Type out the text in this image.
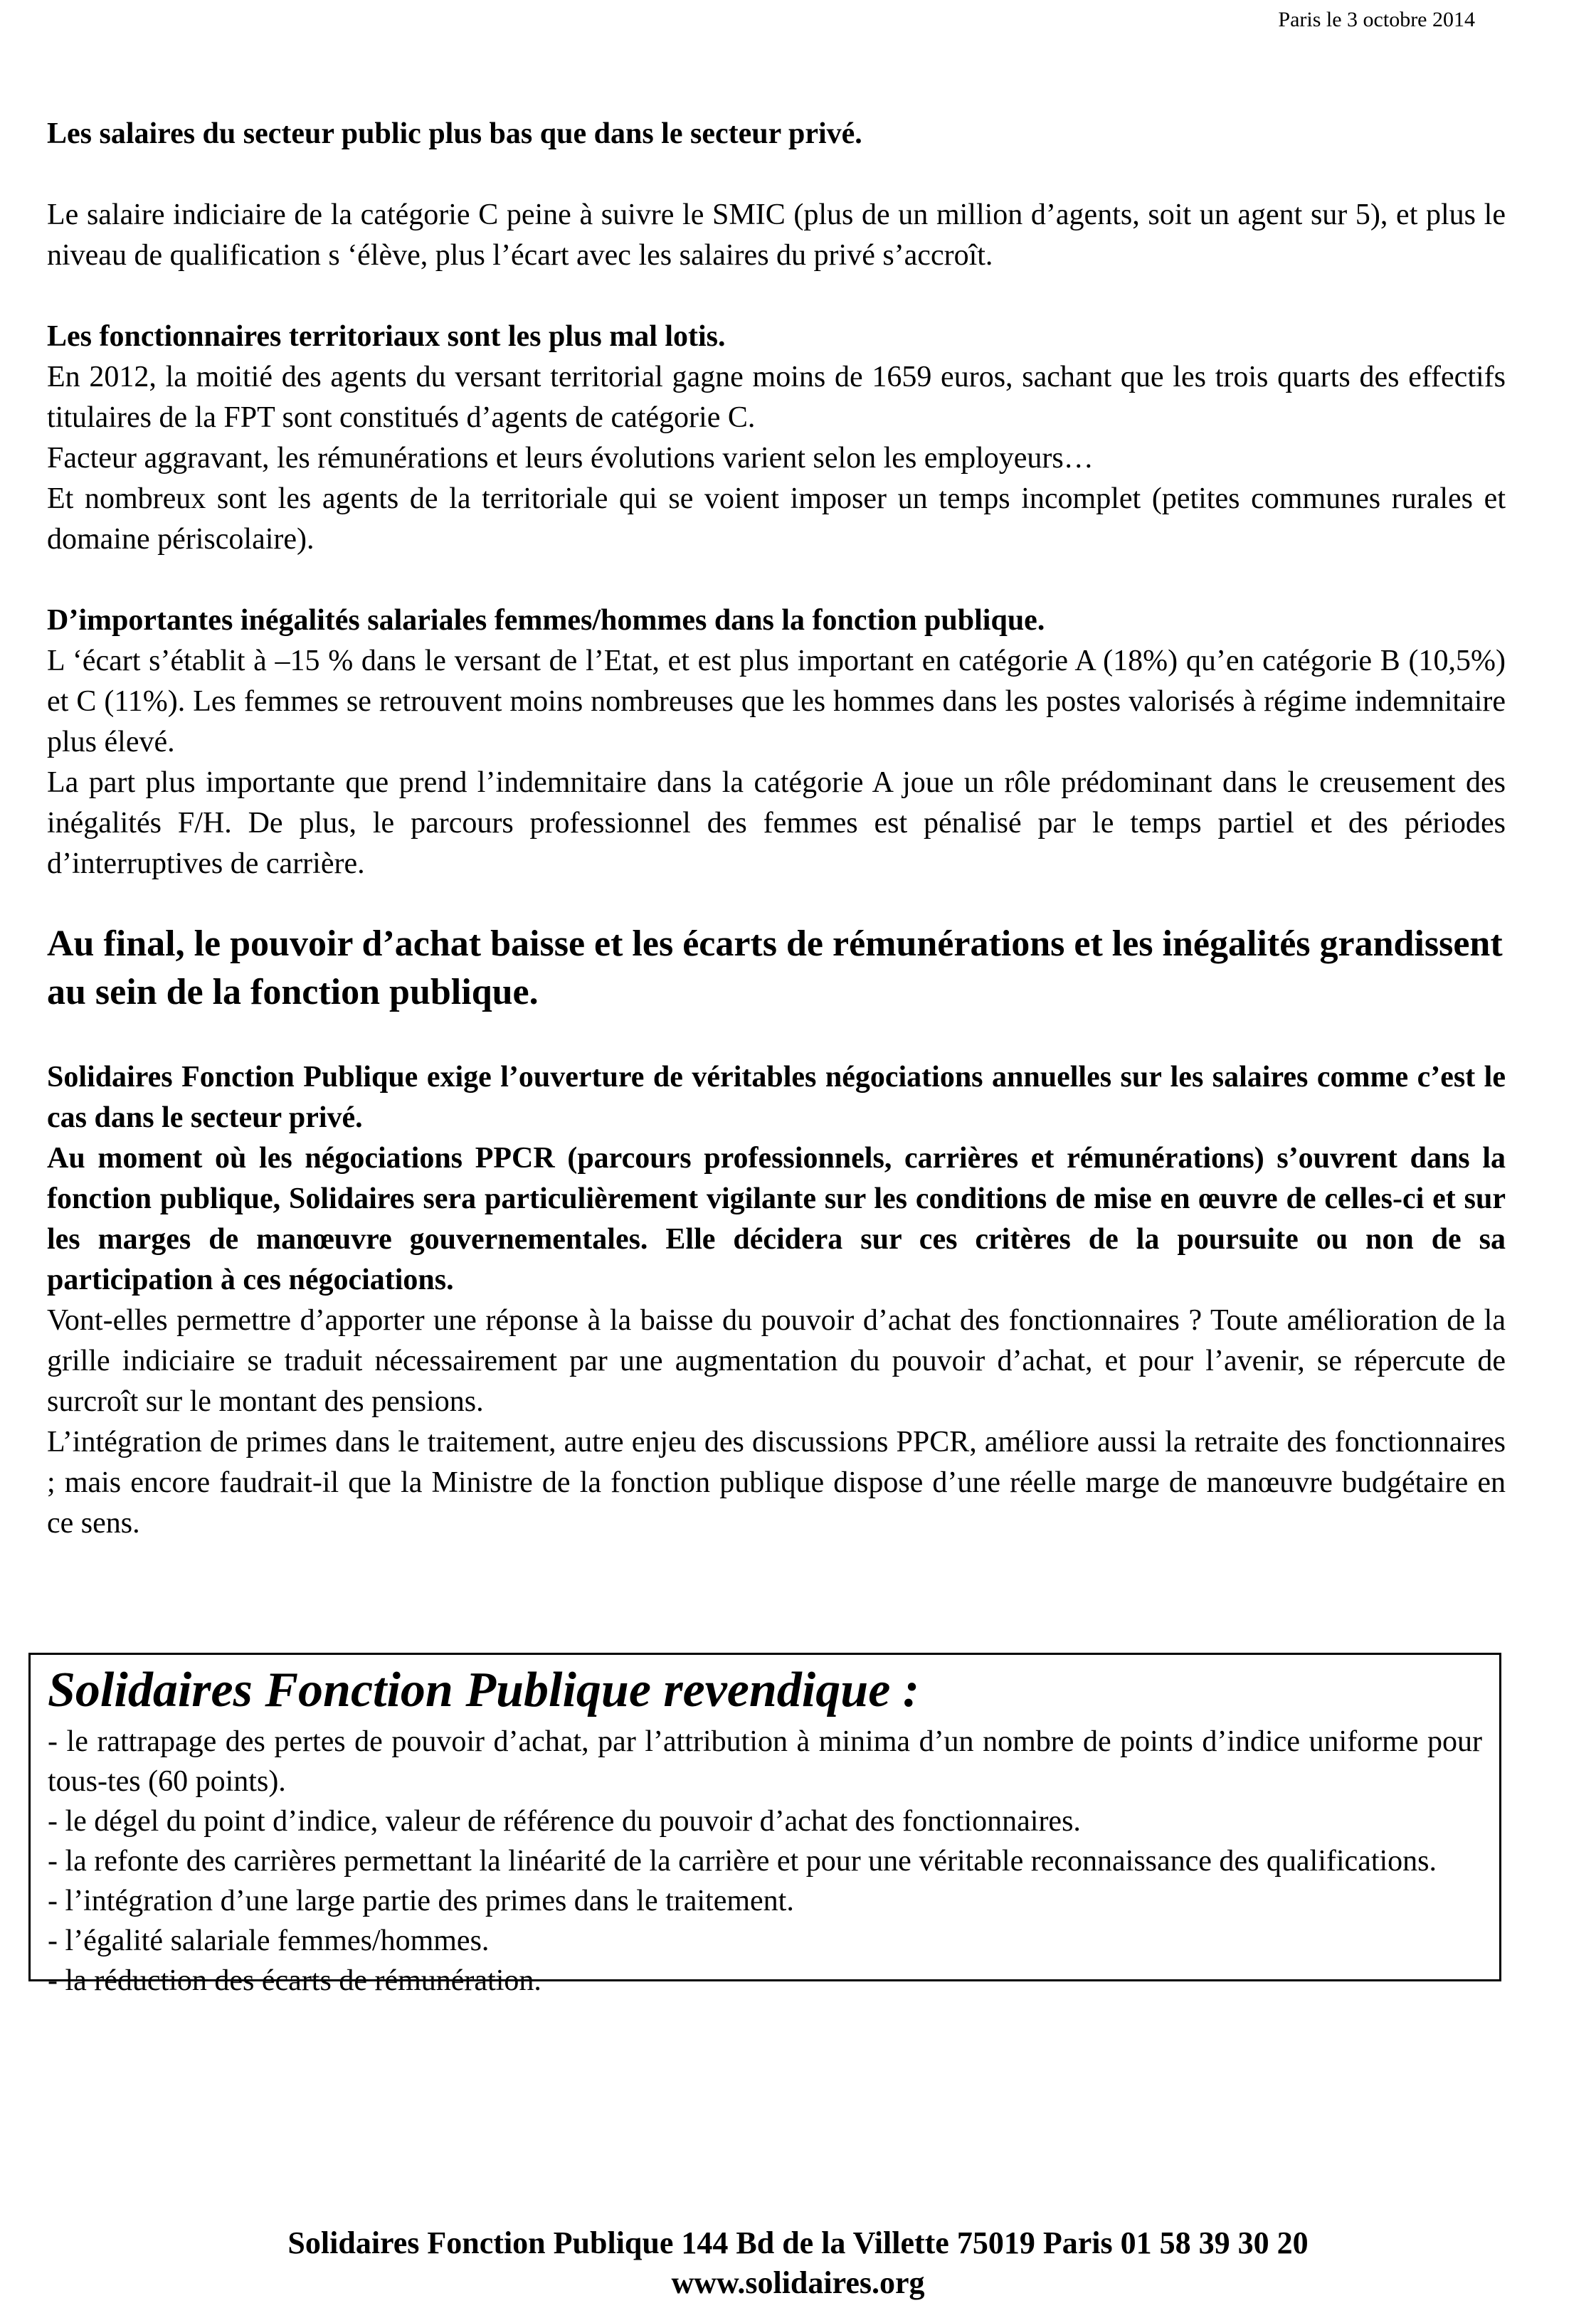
Paris le 3 octobre 2014

Les salaires du secteur public plus bas que dans le secteur privé.

Le salaire indiciaire de la catégorie C peine à suivre le SMIC (plus de un million d’agents, soit un agent sur 5), et plus le niveau de qualification s ‘élève, plus l’écart avec les salaires du privé s’accroît.

Les fonctionnaires territoriaux sont les plus mal lotis.

En 2012, la moitié des agents du versant territorial gagne moins de 1659 euros, sachant que les trois quarts des effectifs titulaires de la FPT sont constitués d’agents de catégorie C.

Facteur aggravant, les rémunérations et leurs évolutions varient selon les employeurs…

Et nombreux sont les agents de la territoriale qui se voient imposer un temps incomplet (petites communes rurales et domaine périscolaire).

D’importantes inégalités salariales femmes/hommes dans la fonction publique.

L ‘écart s’établit à –15 % dans le versant de l’Etat, et est plus important en catégorie A (18%) qu’en catégorie B (10,5%) et C (11%). Les femmes se retrouvent moins nombreuses que les hommes dans les postes valorisés à régime indemnitaire plus élevé.

La part plus importante que prend l’indemnitaire dans la catégorie A joue un rôle prédominant dans le creusement des inégalités F/H. De plus, le parcours professionnel des femmes est pénalisé par le temps partiel et des périodes d’interruptives de carrière.

Au final, le pouvoir d’achat baisse et les écarts de rémunérations et les inégalités grandissent au sein de la fonction publique.

Solidaires Fonction Publique exige l’ouverture de véritables négociations annuelles sur les salaires comme c’est le cas dans le secteur privé.

Au moment où les négociations PPCR (parcours professionnels, carrières et rémunérations) s’ouvrent dans la fonction publique, Solidaires sera particulièrement vigilante sur les conditions de mise en œuvre de celles-ci et sur les marges de manœuvre gouvernementales. Elle décidera sur ces critères de la poursuite ou non de sa participation à ces négociations.

Vont-elles permettre d’apporter une réponse à la baisse du pouvoir d’achat des fonctionnaires ? Toute amélioration de la grille indiciaire se traduit nécessairement par une augmentation du pouvoir d’achat, et pour l’avenir, se répercute de surcroît sur le montant des pensions.

L’intégration de primes dans le traitement, autre enjeu des discussions PPCR, améliore aussi la retraite des fonctionnaires ; mais encore faudrait-il que la Ministre de la fonction publique dispose d’une réelle marge de manœuvre budgétaire en ce sens.

Solidaires Fonction Publique revendique :

- le rattrapage des pertes de pouvoir d’achat, par l’attribution à minima d’un nombre de points d’indice uniforme pour tous-tes (60 points).

- le dégel du point d’indice, valeur de référence du pouvoir d’achat des fonctionnaires.

- la refonte des carrières permettant la linéarité de la carrière et pour une véritable reconnaissance des qualifications.

- l’intégration d’une large partie des primes dans le traitement.

- l’égalité salariale femmes/hommes.

- la réduction des écarts de rémunération.

Solidaires Fonction Publique 144 Bd de la Villette 75019 Paris 01 58 39 30 20

www.solidaires.org
